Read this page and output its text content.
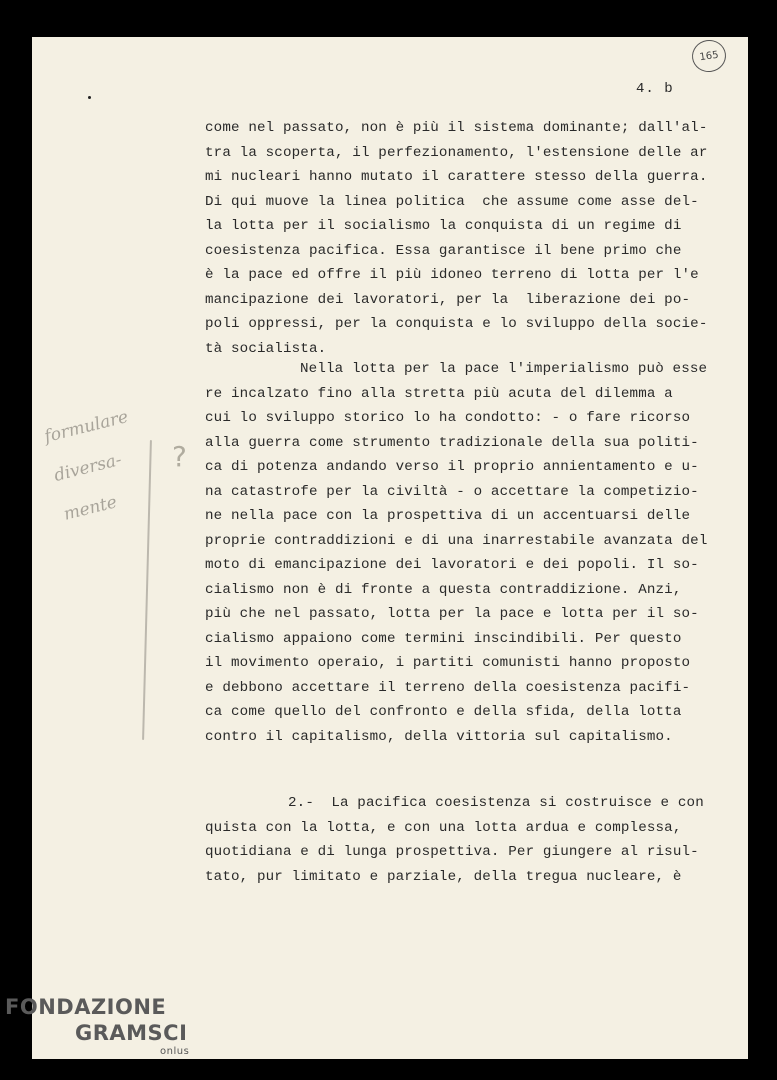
165
4. b
formulare
diversa-
mente
?
come nel passato, non è più il sistema dominante; dall'al-
tra la scoperta, il perfezionamento, l'estensione delle ar
mi nucleari hanno mutato il carattere stesso della guerra.
Di qui muove la linea politica  che assume come asse del-
la lotta per il socialismo la conquista di un regime di
coesistenza pacifica. Essa garantisce il bene primo che
è la pace ed offre il più idoneo terreno di lotta per l'e
mancipazione dei lavoratori, per la  liberazione dei po-
poli oppressi, per la conquista e lo sviluppo della socie-
tà socialista.
Nella lotta per la pace l'imperialismo può esse
re incalzato fino alla stretta più acuta del dilemma a
cui lo sviluppo storico lo ha condotto: - o fare ricorso
alla guerra come strumento tradizionale della sua politi-
ca di potenza andando verso il proprio annientamento e u-
na catastrofe per la civiltà - o accettare la competizio-
ne nella pace con la prospettiva di un accentuarsi delle
proprie contraddizioni e di una inarrestabile avanzata del
moto di emancipazione dei lavoratori e dei popoli. Il so-
cialismo non è di fronte a questa contraddizione. Anzi,
più che nel passato, lotta per la pace e lotta per il so-
cialismo appaiono come termini inscindibili. Per questo
il movimento operaio, i partiti comunisti hanno proposto
e debbono accettare il terreno della coesistenza pacifi-
ca come quello del confronto e della sfida, della lotta
contro il capitalismo, della vittoria sul capitalismo.
2.-  La pacifica coesistenza si costruisce e con
quista con la lotta, e con una lotta ardua e complessa,
quotidiana e di lunga prospettiva. Per giungere al risul-
tato, pur limitato e parziale, della tregua nucleare, è
FONDAZIONE
GRAMSCI
onlus
